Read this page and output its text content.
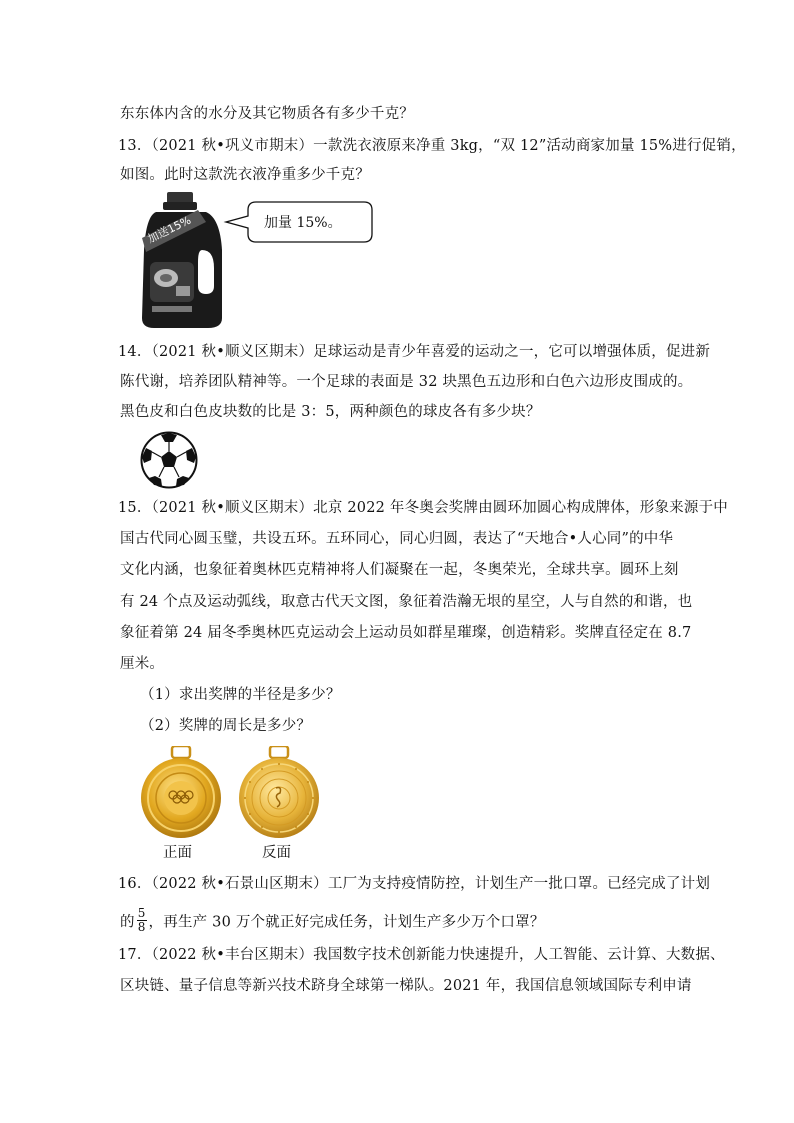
东东体内含的水分及其它物质各有多少千克？
13．（2021 秋•巩义市期末）一款洗衣液原来净重 3kg，“双 12”活动商家加量 15%进行促销，
如图。此时这款洗衣液净重多少千克？
加送15%	加量 15%。
14．（2021 秋•顺义区期末）足球运动是青少年喜爱的运动之一，它可以增强体质，促进新
陈代谢，培养团队精神等。一个足球的表面是 32 块黑色五边形和白色六边形皮围成的。
黑色皮和白色皮块数的比是 3：5，两种颜色的球皮各有多少块？
15．（2021 秋•顺义区期末）北京 2022 年冬奥会奖牌由圆环加圆心构成牌体，形象来源于中
国古代同心圆玉璧，共设五环。五环同心，同心归圆，表达了“天地合•人心同”的中华
文化内涵，也象征着奥林匹克精神将人们凝聚在一起，冬奥荣光，全球共享。圆环上刻
有 24 个点及运动弧线，取意古代天文图，象征着浩瀚无垠的星空，人与自然的和谐，也
象征着第 24 届冬季奥林匹克运动会上运动员如群星璀璨，创造精彩。奖牌直径定在 8.7
厘米。
（1）求出奖牌的半径是多少？
（2）奖牌的周长是多少？
正面	反面
16．（2022 秋•石景山区期末）工厂为支持疫情防控，计划生产一批口罩。已经完成了计划
的 $\frac{5}{8}$ ，再生产 30 万个就正好完成任务，计划生产多少万个口罩？
17．（2022 秋•丰台区期末）我国数字技术创新能力快速提升，人工智能、云计算、大数据、
区块链、量子信息等新兴技术跻身全球第一梯队。2021 年，我国信息领域国际专利申请
